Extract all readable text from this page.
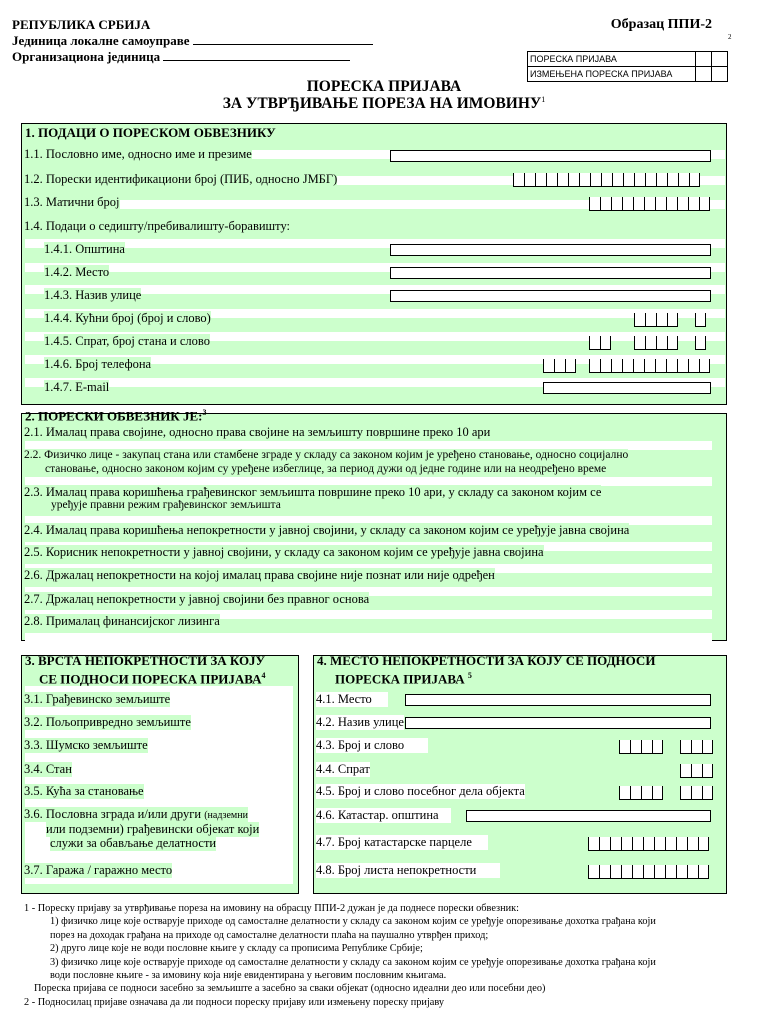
РЕПУБЛИКА СРБИЈА
Јединица локалне самоуправе
Организациона јединица
Образац ППИ-2
2
ПОРЕСКА ПРИЈАВА
ИЗМЕЊЕНА ПОРЕСКА ПРИЈАВА
ПОРЕСКА ПРИЈАВА
ЗА УТВРЂИВАЊЕ ПОРЕЗА НА ИМОВИНУ$^1$
1. ПОДАЦИ О ПОРЕСКОМ ОБВЕЗНИКУ
1.1. Пословно име, односно име и презиме
1.2. Порески идентификациони број (ПИБ, односно ЈМБГ)
1.3. Матични број
1.4. Подаци о седишту/пребивалишту-боравишту:
1.4.1. Општина
1.4.2. Место
1.4.3. Назив улице
1.4.4. Кућни број (број и слово)
1.4.5. Спрат, број стана и слово
1.4.6. Број телефона
1.4.7. E-mail
2. ПОРЕСКИ ОБВЕЗНИК ЈЕ:$^3$
2.1. Ималац права својине, односно права својине на земљишту површине преко 10 ари
2.2. Физичко лице - закупац стана или стамбене зграде у складу са законом којим је уређено становање, односно социјално
становање, односно законом којим су уређене избеглице, за период дужи од једне године или на неодређено време
2.3. Ималац права коришћења грађевинског земљишта површине преко 10 ари, у складу са законом којим се
уређује правни режим грађевинског земљишта
2.4. Ималац права коришћења непокретности у јавној својини, у складу са законом којим се уређује јавна својина
2.5. Корисник непокретности у јавној својини, у складу са законом којим се уређује јавна својина
2.6. Држалац непокретности на којој ималац права својине није познат или није одређен
2.7. Држалац непокретности у јавној својини без правног основа
2.8. Прималац финансијског лизинга
3. ВРСТА НЕПОКРЕТНОСТИ ЗА КОЈУ
СЕ ПОДНОСИ ПОРЕСКА ПРИЈАВА$^4$
3.1. Грађевинско земљиште
3.2. Пољопривредно земљиште
3.3. Шумско земљиште
3.4. Стан
3.5. Кућа за становање
3.6. Пословна зграда и/или други (надземни
или подземни) грађевински објекат који
служи за обављање делатности
3.7. Гаража / гаражно место
4. МЕСТО НЕПОКРЕТНОСТИ ЗА КОЈУ СЕ ПОДНОСИ
ПОРЕСКА ПРИЈАВА $^5$
4.1. Место
4.2. Назив улице
4.3. Број и слово
4.4. Спрат
4.5. Број и слово посебног дела објекта
4.6. Катастар. општина
4.7. Број катастарске парцеле
4.8. Број листа непокретности
1 - Пореску пријаву за утврђивање пореза на имовину на обрасцу ППИ-2 дужан је да поднесе порески обвезник:
1) физичко лице које остварује приходе од самосталне делатности у складу са законом којим се уређује опорезивање дохотка грађана који
порез на доходак грађана на приходе од самосталне делатности плаћа на паушално утврђен приход;
2) друго лице које не води пословне књиге у складу са прописима Републике Србије;
3) физичко лице које остварује приходе од самосталне делатности у складу са законом којим се уређује опорезивање дохотка грађана који
води пословне књиге - за имовину која није евидентирана у његовим пословним књигама.
Пореска пријава се подноси засебно за земљиште а засебно за сваки објекат (односно идеални део или посебни део)
2 - Подносилац пријаве означава да ли подноси пореску пријаву или измењену пореску пријаву
